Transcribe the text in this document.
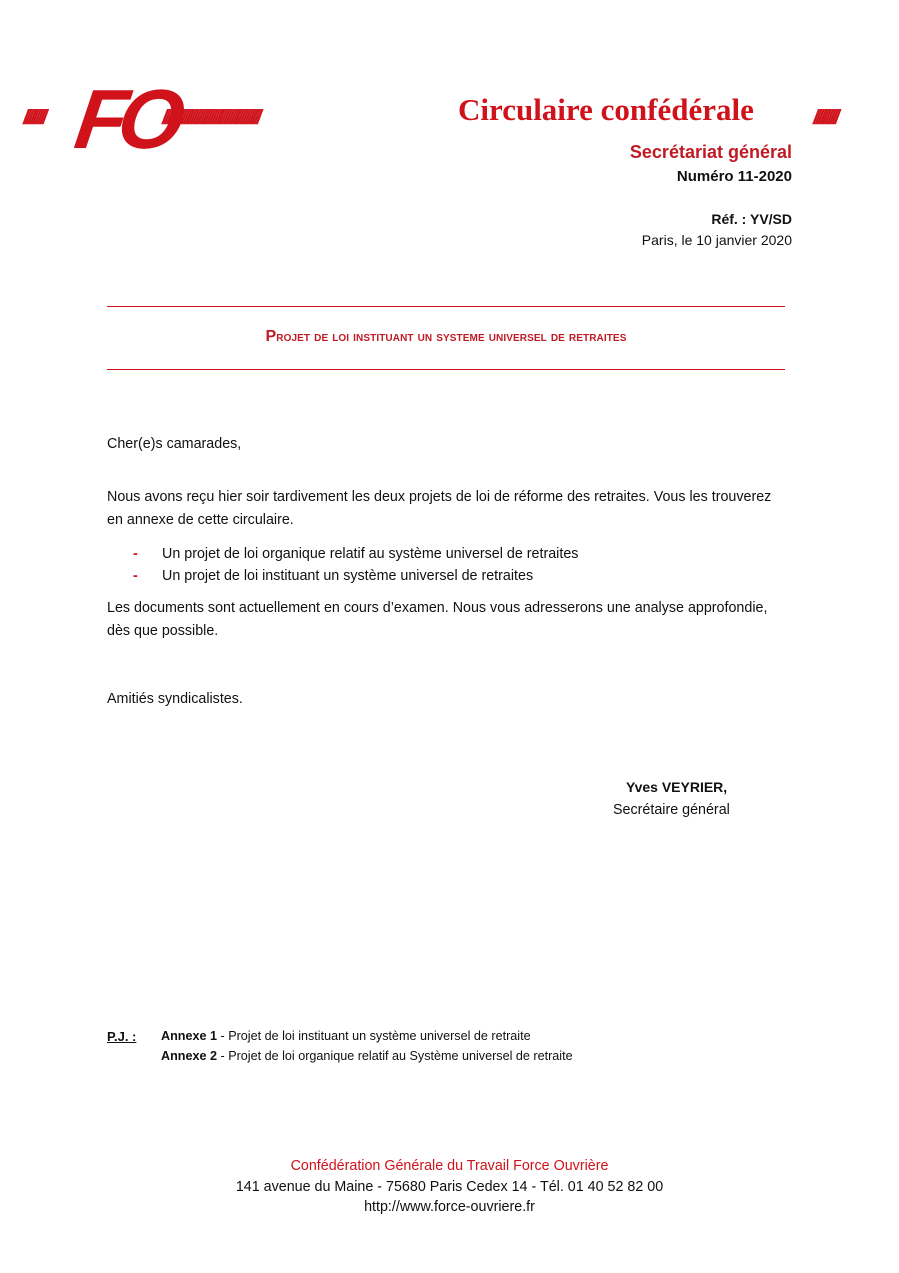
///////// FO
/////////////////////////////////////////	Circulaire confédérale	//////////
Secrétariat général
Numéro 11-2020
Réf. : YV/SD
Paris, le 10 janvier 2020
Projet de loi instituant un systeme universel de retraites
Cher(e)s camarades,
Nous avons reçu hier soir tardivement les deux projets de loi de réforme des retraites. Vous les trouverez en annexe de cette circulaire.
-	Un projet de loi organique relatif au système universel de retraites
-	Un projet de loi instituant un système universel de retraites
Les documents sont actuellement en cours d’examen. Nous vous adresserons une analyse approfondie, dès que possible.
Amitiés syndicalistes.
Yves VEYRIER,
Secrétaire général
P.J. : Annexe 1 - Projet de loi instituant un système universel de retraite
Annexe 2 - Projet de loi organique relatif au Système universel de retraite
Confédération Générale du Travail Force Ouvrière
141 avenue du Maine - 75680 Paris Cedex 14 - Tél. 01 40 52 82 00
http://www.force-ouvriere.fr
